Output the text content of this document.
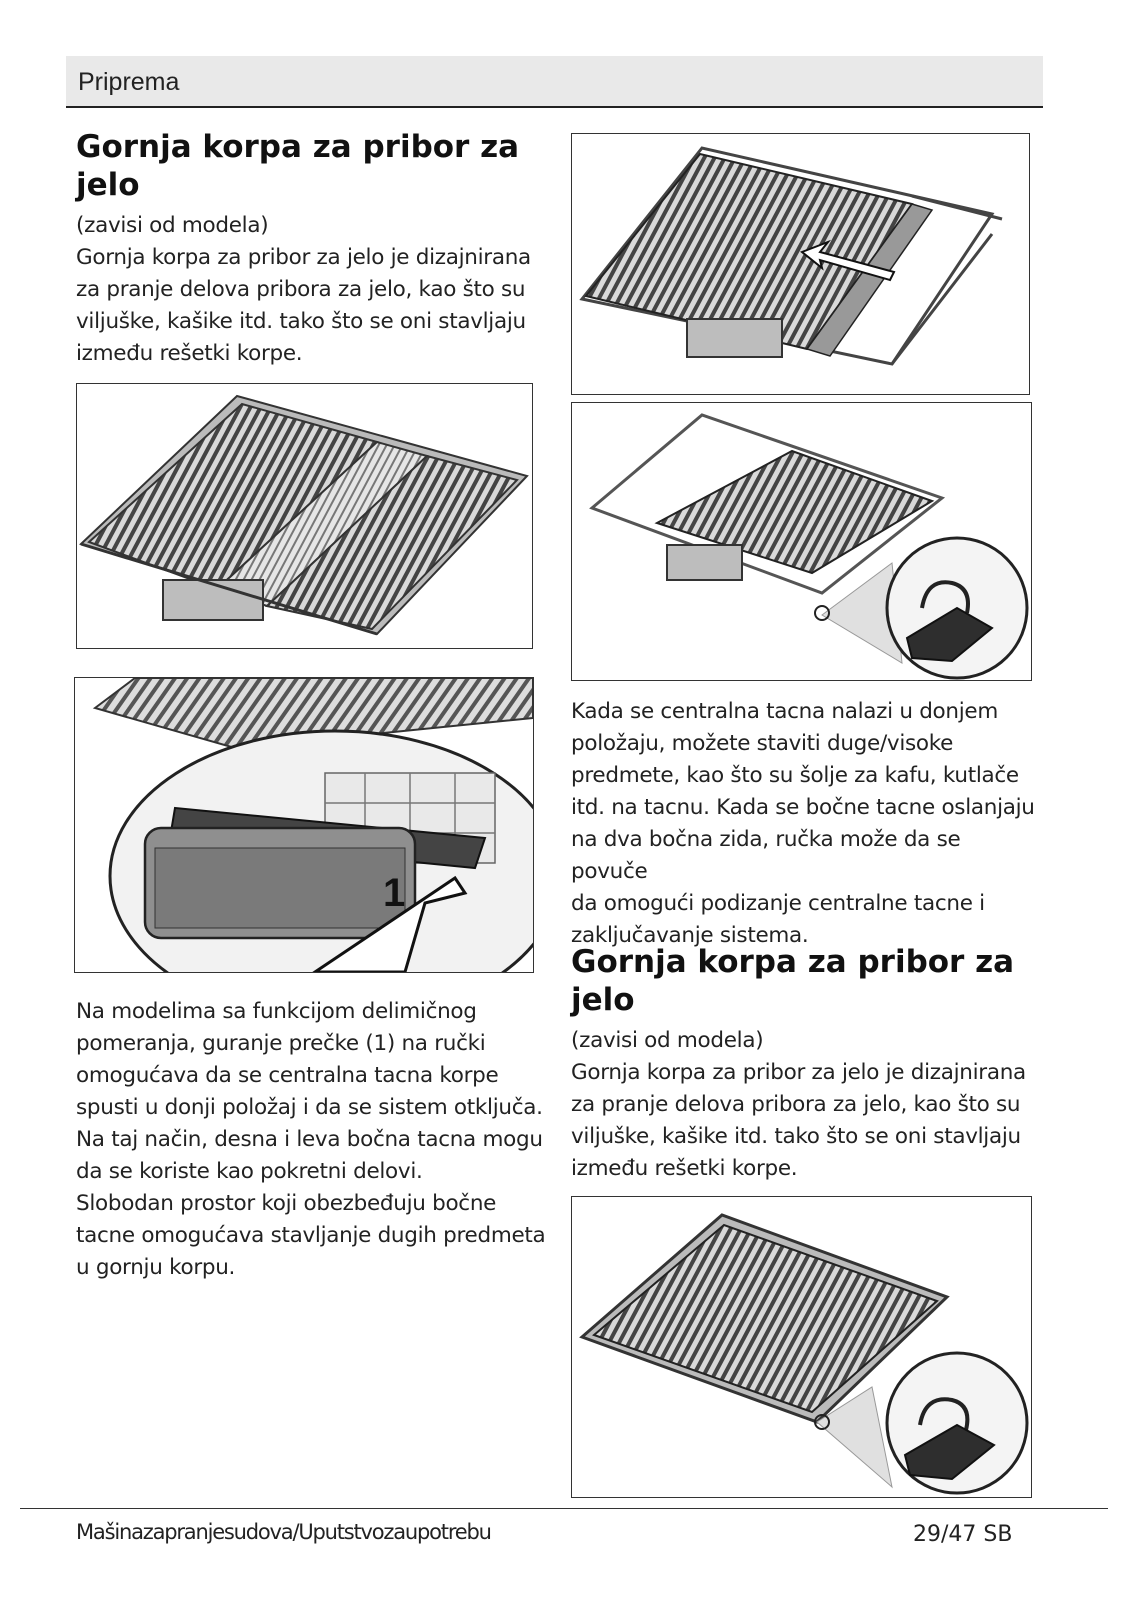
Priprema
Gornja korpa za pribor za jelo
(zavisi od modela)
Gornja korpa za pribor za jelo je dizajnirana
za pranje delova pribora za jelo, kao što su
viljuške, kašike itd. tako što se oni stavljaju
između rešetki korpe.
1
Na modelima sa funkcijom delimičnog
pomeranja, guranje prečke (1) na ručki
omogućava da se centralna tacna korpe
spusti u donji položaj i da se sistem otključa.
Na taj način, desna i leva bočna tacna mogu
da se koriste kao pokretni delovi.
Slobodan prostor koji obezbeđuju bočne
tacne omogućava stavljanje dugih predmeta
u gornju korpu.
Kada se centralna tacna nalazi u donjem
položaju, možete staviti duge/visoke
predmete, kao što su šolje za kafu, kutlače
itd. na tacnu. Kada se bočne tacne oslanjaju
na dva bočna zida, ručka može da se povuče
da omogući podizanje centralne tacne i
zaključavanje sistema.
Gornja korpa za pribor za jelo
(zavisi od modela)
Gornja korpa za pribor za jelo je dizajnirana
za pranje delova pribora za jelo, kao što su
viljuške, kašike itd. tako što se oni stavljaju
između rešetki korpe.
Mašinazapranjesudova/Uputstvozaupotrebu	29/47 SB
